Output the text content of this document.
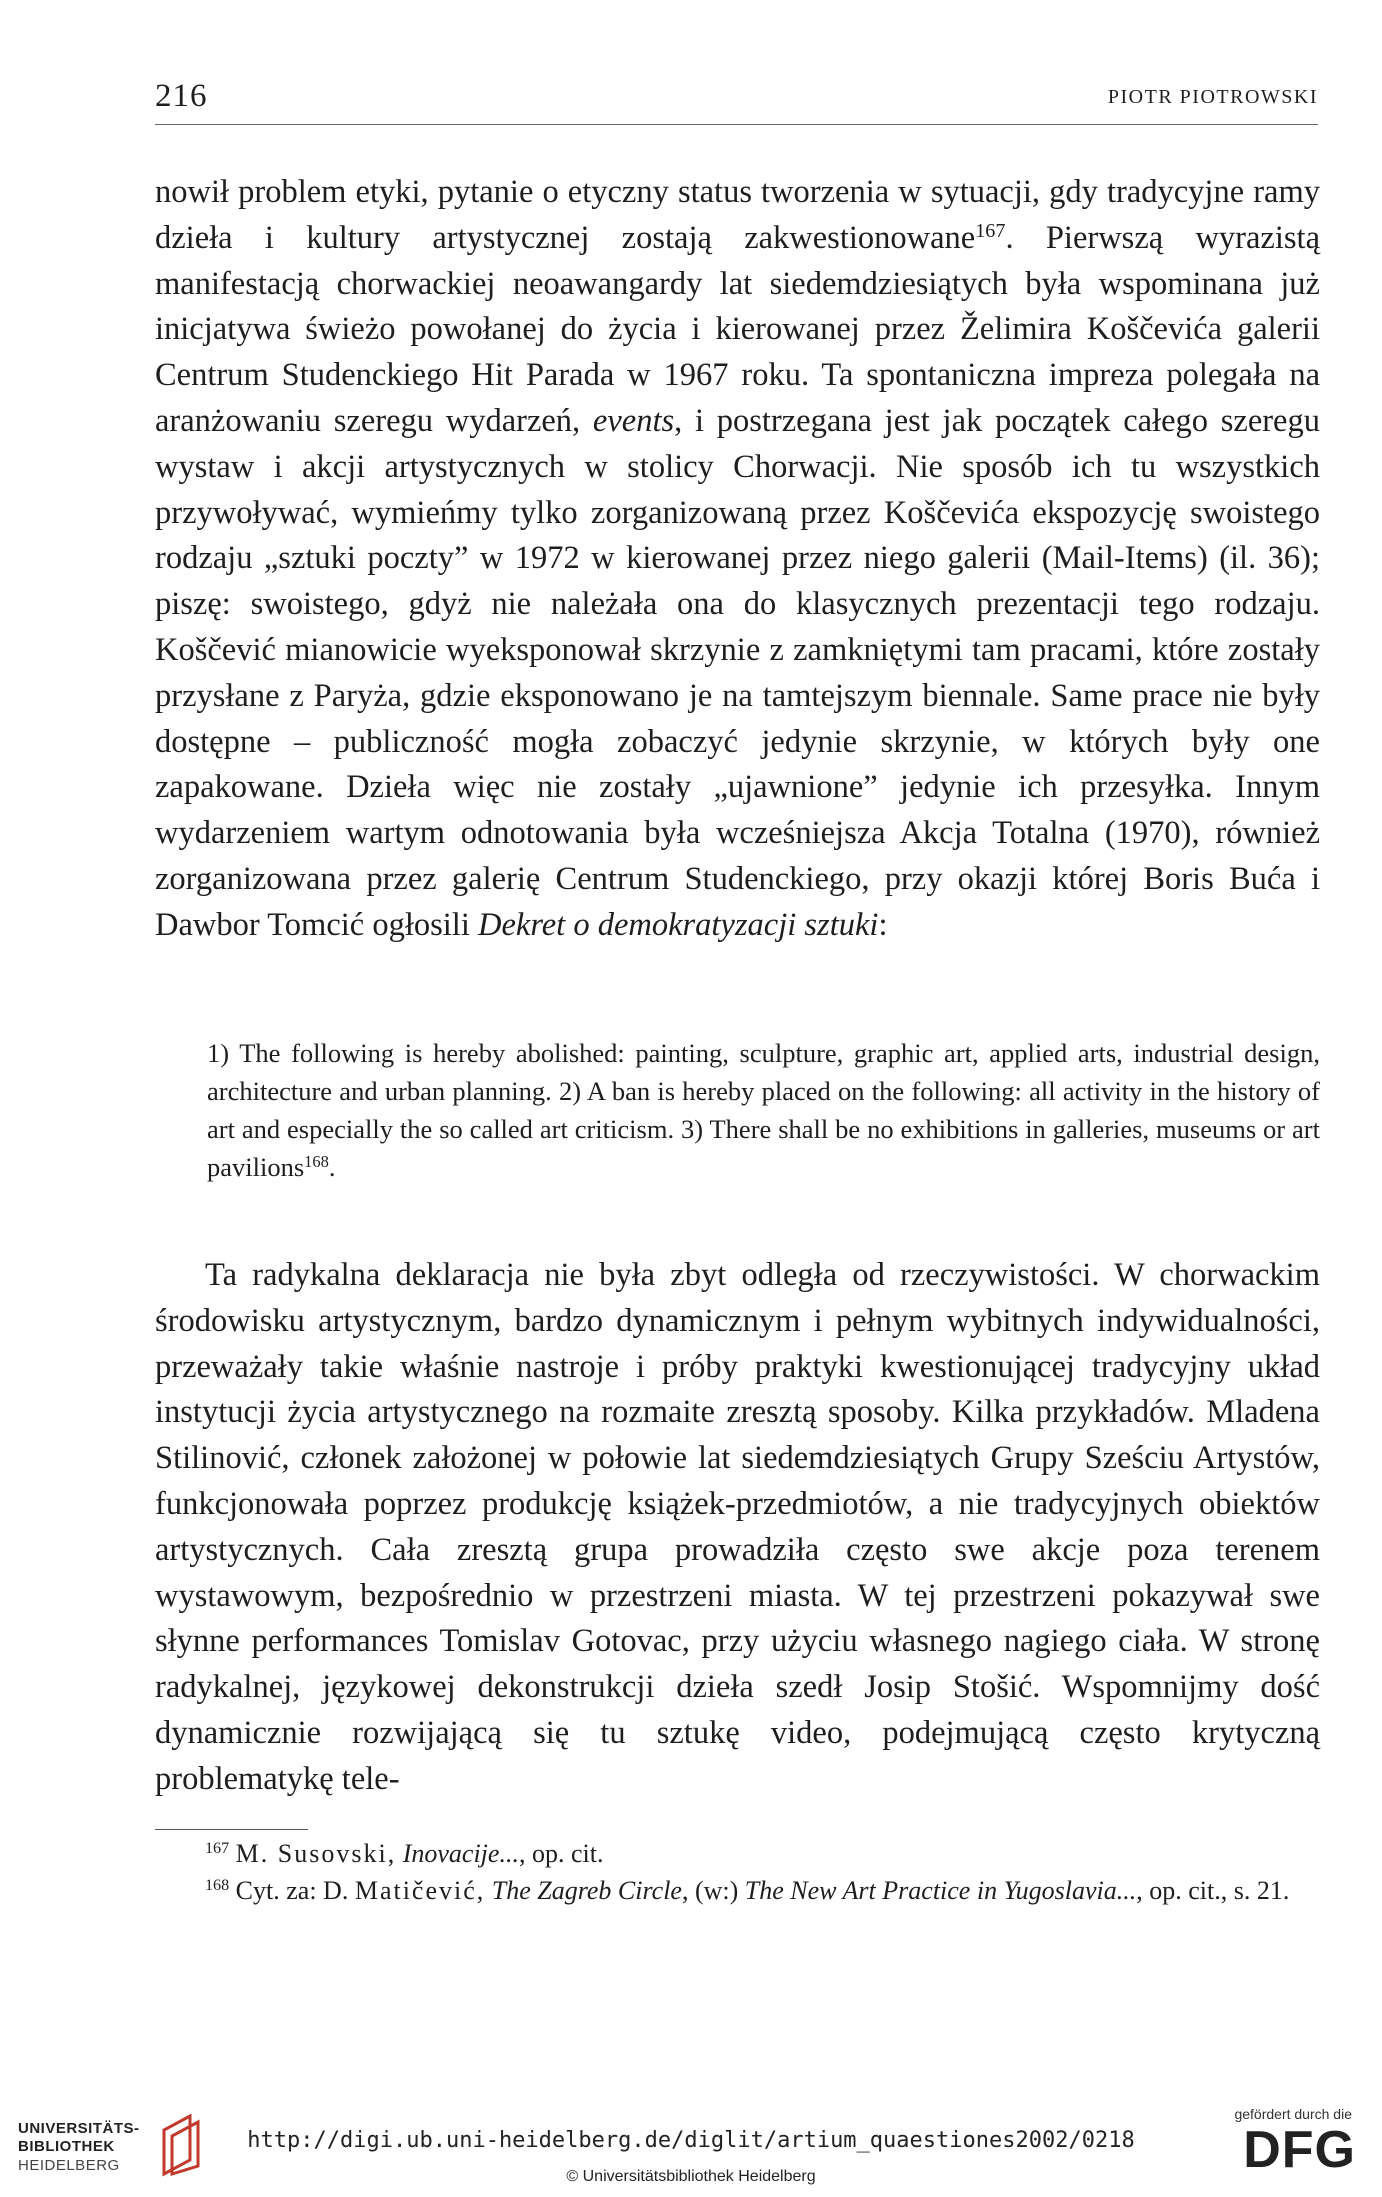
216	PIOTR PIOTROWSKI

nowił problem etyki, pytanie o etyczny status tworzenia w sytuacji, gdy tradycyjne ramy dzieła i kultury artystycznej zostają zakwestionowane$^{167}$. Pierwszą wyrazistą manifestacją chorwackiej neoawangardy lat siedemdziesiątych była wspominana już inicjatywa świeżo powołanej do życia i kierowanej przez Želimira Koščevića galerii Centrum Studenckiego Hit Parada w 1967 roku. Ta spontaniczna impreza polegała na aranżowaniu szeregu wydarzeń, events, i postrzegana jest jak początek całego szeregu wystaw i akcji artystycznych w stolicy Chorwacji. Nie sposób ich tu wszystkich przywoływać, wymieńmy tylko zorganizowaną przez Koščevića ekspozycję swoistego rodzaju „sztuki poczty” w 1972 w kierowanej przez niego galerii (Mail-Items) (il. 36); piszę: swoistego, gdyż nie należała ona do klasycznych prezentacji tego rodzaju. Koščević mianowicie wyeksponował skrzynie z zamkniętymi tam pracami, które zostały przysłane z Paryża, gdzie eksponowano je na tamtejszym biennale. Same prace nie były dostępne – publiczność mogła zobaczyć jedynie skrzynie, w których były one zapakowane. Dzieła więc nie zostały „ujawnione” jedynie ich przesyłka. Innym wydarzeniem wartym odnotowania była wcześniejsza Akcja Totalna (1970), również zorganizowana przez galerię Centrum Studenckiego, przy okazji której Boris Buća i Dawbor Tomcić ogłosili Dekret o demokratyzacji sztuki:

1) The following is hereby abolished: painting, sculpture, graphic art, applied arts, industrial design, architecture and urban planning. 2) A ban is hereby placed on the following: all activity in the history of art and especially the so called art criticism. 3) There shall be no exhibitions in galleries, museums or art pavilions$^{168}$.

Ta radykalna deklaracja nie była zbyt odległa od rzeczywistości. W chorwackim środowisku artystycznym, bardzo dynamicznym i pełnym wybitnych indywidualności, przeważały takie właśnie nastroje i próby praktyki kwestionującej tradycyjny układ instytucji życia artystycznego na rozmaite zresztą sposoby. Kilka przykładów. Mladena Stilinović, członek założonej w połowie lat siedemdziesiątych Grupy Sześciu Artystów, funkcjonowała poprzez produkcję książek-przedmiotów, a nie tradycyjnych obiektów artystycznych. Cała zresztą grupa prowadziła często swe akcje poza terenem wystawowym, bezpośrednio w przestrzeni miasta. W tej przestrzeni pokazywał swe słynne performances Tomislav Gotovac, przy użyciu własnego nagiego ciała. W stronę radykalnej, językowej dekonstrukcji dzieła szedł Josip Stošić. Wspomnijmy dość dynamicznie rozwijającą się tu sztukę video, podejmującą często krytyczną problematykę tele-

$^{167}$ M. Susovski, Inovacije..., op. cit.

$^{168}$ Cyt. za: D. Matičević, The Zagreb Circle, (w:) The New Art Practice in Yugoslavia..., op. cit., s. 21.

UNIVERSITÄTS-
BIBLIOTHEK
HEIDELBERG
http://digi.ub.uni-heidelberg.de/diglit/artium_quaestiones2002/0218
© Universitätsbibliothek Heidelberg
gefördert durch die
DFG
